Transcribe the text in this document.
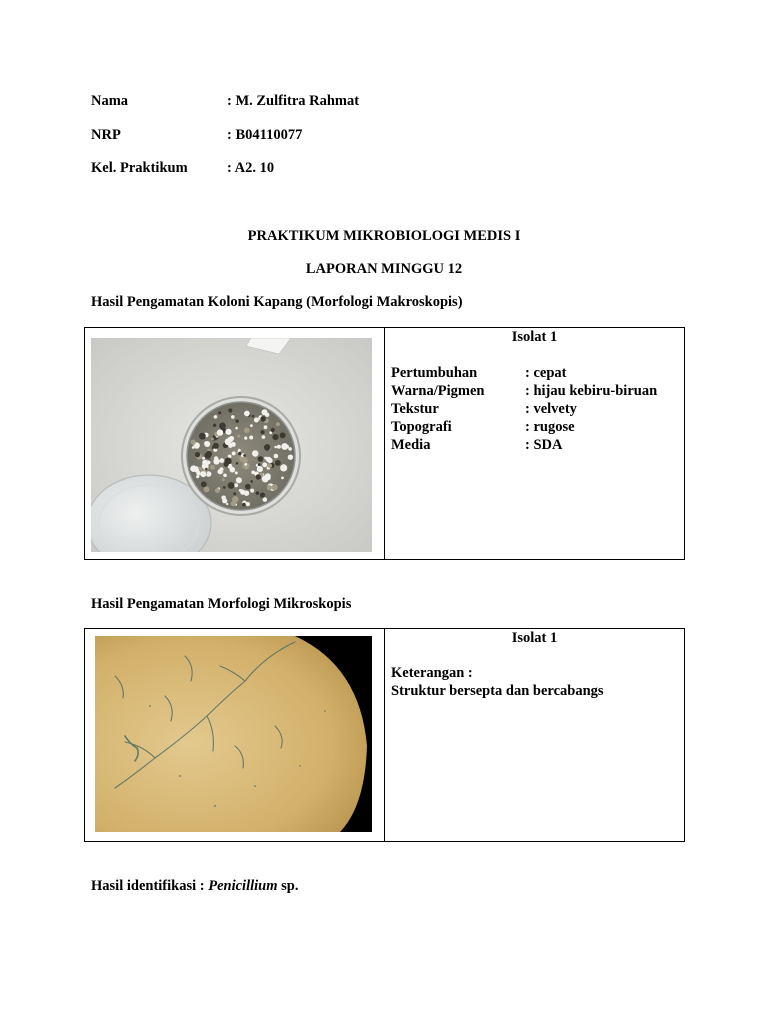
Nama	: M. Zulfitra Rahmat
NRP	: B04110077
Kel. Praktikum	: A2. 10
PRAKTIKUM MIKROBIOLOGI MEDIS I
LAPORAN MINGGU 12
Hasil Pengamatan Koloni Kapang (Morfologi Makroskopis)
Isolat 1
Pertumbuhan	: cepat
Warna/Pigmen	: hijau kebiru-biruan
Tekstur	: velvety
Topografi	: rugose
Media	: SDA
Hasil Pengamatan Morfologi Mikroskopis
Isolat 1
Keterangan :
Struktur bersepta dan bercabangs
Hasil identifikasi : Penicillium sp.
